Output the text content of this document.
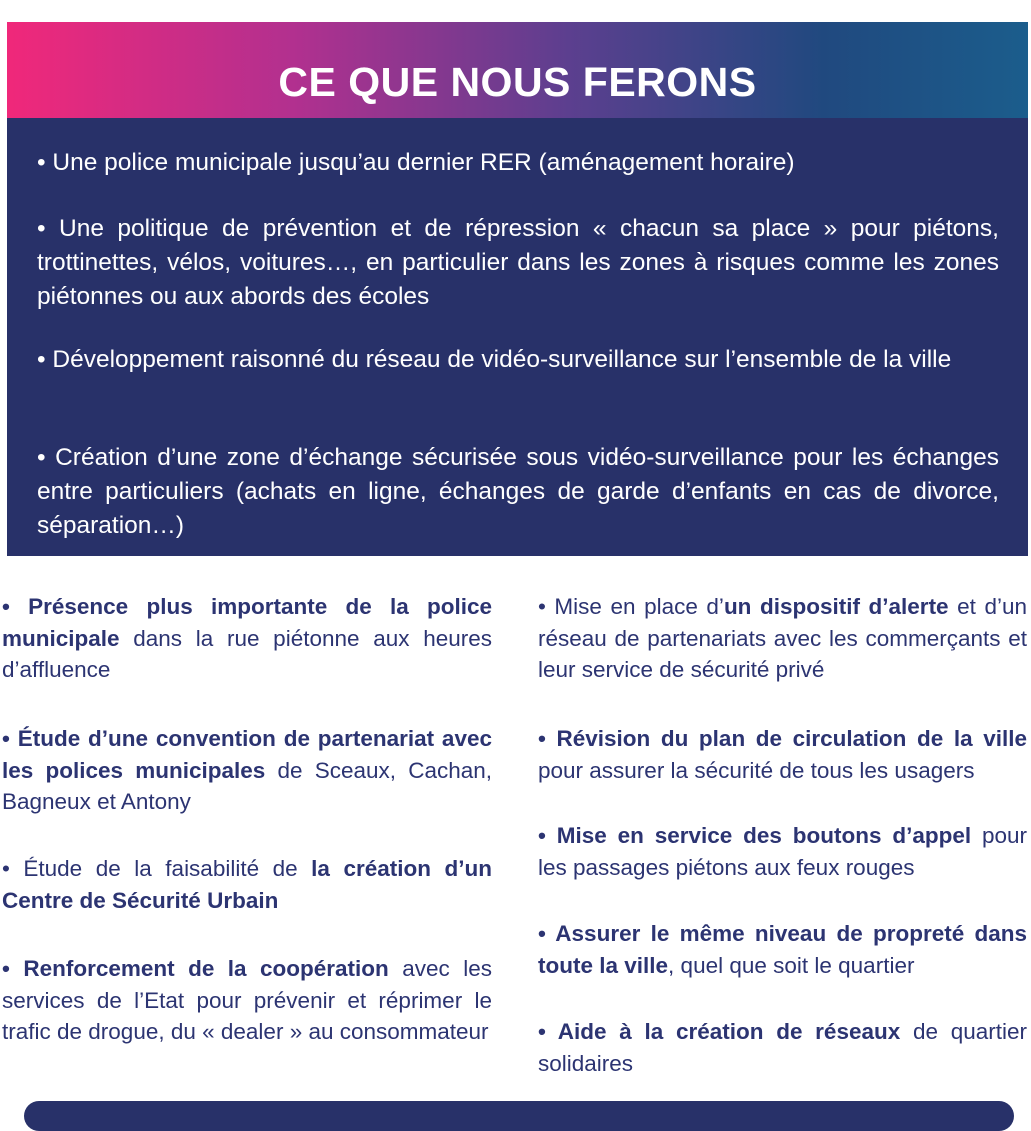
CE QUE NOUS FERONS

• Une police municipale jusqu’au dernier RER (aménagement horaire)

• Une politique de prévention et de répression « chacun sa place » pour piétons, trottinettes, vélos, voitures…, en particulier dans les zones à risques comme les zones piétonnes ou aux abords des écoles

• Développement raisonné du réseau de vidéo-surveillance sur l’ensemble de la ville

• Création d’une zone d’échange sécurisée sous vidéo-surveillance pour les échanges entre particuliers (achats en ligne, échanges de garde d’enfants en cas de divorce, séparation…)

• Présence plus importante de la police municipale dans la rue piétonne aux heures d’affluence

• Étude d’une convention de partenariat avec les polices municipales de Sceaux, Cachan, Bagneux et Antony

• Étude de la faisabilité de la création d’un Centre de Sécurité Urbain

• Renforcement de la coopération avec les services de l’Etat pour prévenir et réprimer le trafic de drogue, du « dealer » au consommateur

• Mise en place d’un dispositif d’alerte et d’un réseau de partenariats avec les commerçants et leur service de sécurité privé

• Révision du plan de circulation de la ville pour assurer la sécurité de tous les usagers

• Mise en service des boutons d’appel pour les passages piétons aux feux rouges

• Assurer le même niveau de propreté dans toute la ville, quel que soit le quartier

• Aide à la création de réseaux de quartier solidaires
